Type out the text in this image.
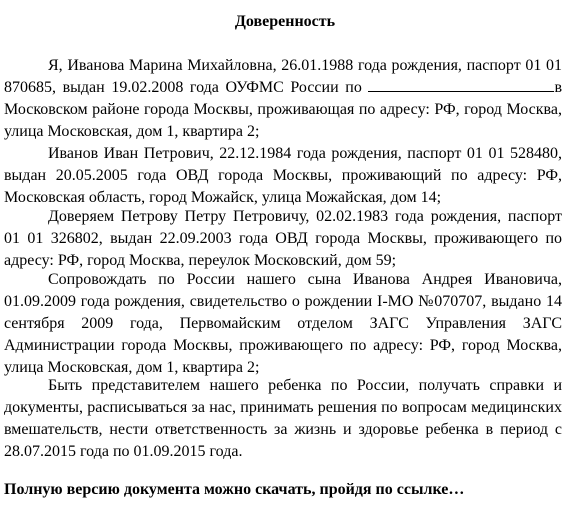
Доверенность
Я, Иванова Марина Михайловна, 26.01.1988 года рождения, паспорт 01 01 870685, выдан 19.02.2008 года ОУФМС России по	в Московском районе города Москвы, проживающая по адресу: РФ, город Москва, улица Московская, дом 1, квартира 2;
Иванов Иван Петрович, 22.12.1984 года рождения, паспорт 01 01 528480, выдан 20.05.2005 года ОВД города Москвы, проживающий по адресу: РФ, Московская область, город Можайск, улица Можайская, дом 14;
Доверяем Петрову Петру Петровичу, 02.02.1983 года рождения, паспорт 01 01 326802, выдан 22.09.2003 года ОВД города Москвы, проживающего по адресу: РФ, город Москва, переулок Московский, дом 59;
Сопровождать по России нашего сына Иванова Андрея Ивановича, 01.09.2009 года рождения, свидетельство о рождении I-МО №070707, выдано 14 сентября 2009 года, Первомайским отделом ЗАГС Управления ЗАГС Администрации города Москвы, проживающего по адресу: РФ, город Москва, улица Московская, дом 1, квартира 2;
Быть представителем нашего ребенка по России, получать справки и документы, расписываться за нас, принимать решения по вопросам медицинских вмешательств, нести ответственность за жизнь и здоровье ребенка в период с 28.07.2015 года по 01.09.2015 года.
Полную версию документа можно скачать, пройдя по ссылке…
